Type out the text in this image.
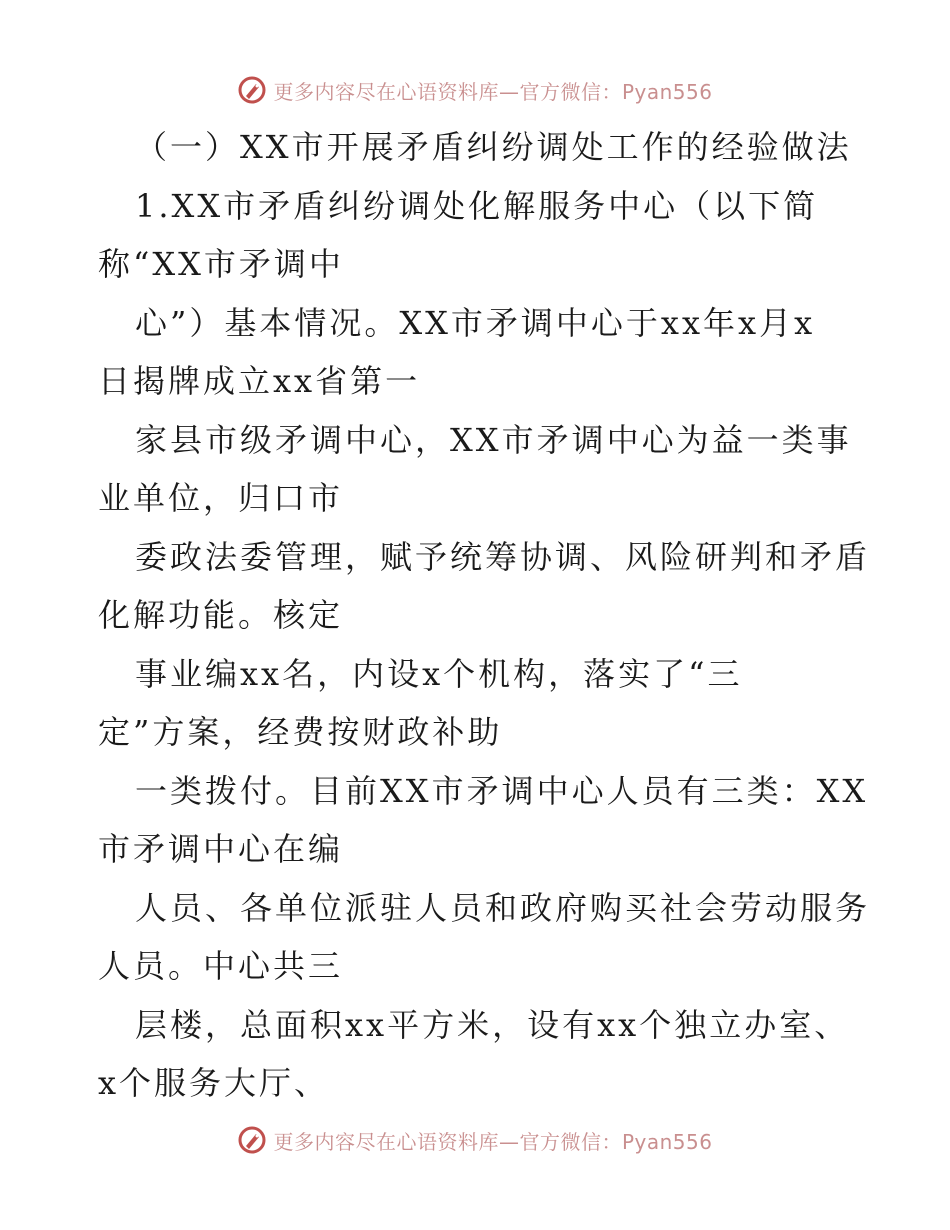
更多内容尽在心语资料库—官方微信：Pyan556
（一）XX市开展矛盾纠纷调处工作的经验做法
1.XX市矛盾纠纷调处化解服务中心（以下简
称“XX市矛调中
心”）基本情况。XX市矛调中心于xx年x月x
日揭牌成立xx省第一
家县市级矛调中心，XX市矛调中心为益一类事
业单位，归口市
委政法委管理，赋予统筹协调、风险研判和矛盾
化解功能。核定
事业编xx名，内设x个机构，落实了“三
定”方案，经费按财政补助
一类拨付。目前XX市矛调中心人员有三类：XX
市矛调中心在编
人员、各单位派驻人员和政府购买社会劳动服务
人员。中心共三
层楼，总面积xx平方米，设有xx个独立办室、
x个服务大厅、
更多内容尽在心语资料库—官方微信：Pyan556
